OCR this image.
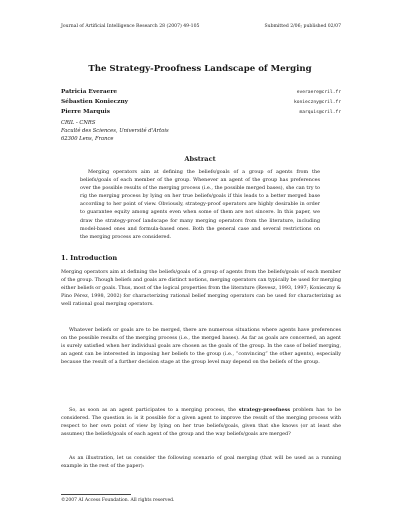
Journal of Artificial Intelligence Research 28 (2007) 49-105	Submitted 2/06; published 02/07
The Strategy-Proofness Landscape of Merging
Patricia Everaere	everaere@cril.fr
Sébastien Konieczny	konieczny@cril.fr
Pierre Marquis	marquis@cril.fr
CRIL - CNRS
Faculté des Sciences, Université d'Artois
62300 Lens, France
Abstract
Merging operators aim at defining the beliefs/goals of a group of agents from the beliefs/goals of each member of the group. Whenever an agent of the group has preferences over the possible results of the merging process (i.e., the possible merged bases), she can try to rig the merging process by lying on her true beliefs/goals if this leads to a better merged base according to her point of view. Obviously, strategy-proof operators are highly desirable in order to guarantee equity among agents even when some of them are not sincere. In this paper, we draw the strategy-proof landscape for many merging operators from the literature, including model-based ones and formula-based ones. Both the general case and several restrictions on the merging process are considered.
1. Introduction
Merging operators aim at defining the beliefs/goals of a group of agents from the beliefs/goals of each member of the group. Though beliefs and goals are distinct notions, merging operators can typically be used for merging either beliefs or goals. Thus, most of the logical properties from the literature (Revesz, 1993, 1997; Konieczny & Pino Pérez, 1998, 2002) for characterizing rational belief merging operators can be used for characterizing as well rational goal merging operators.
Whatever beliefs or goals are to be merged, there are numerous situations where agents have preferences on the possible results of the merging process (i.e., the merged bases). As far as goals are concerned, an agent is surely satisfied when her individual goals are chosen as the goals of the group. In the case of belief merging, an agent can be interested in imposing her beliefs to the group (i.e., “convincing” the other agents), especially because the result of a further decision stage at the group level may depend on the beliefs of the group.
So, as soon as an agent participates to a merging process, the strategy-proofness problem has to be considered. The question is: is it possible for a given agent to improve the result of the merging process with respect to her own point of view by lying on her true beliefs/goals, given that she knows (or at least she assumes) the beliefs/goals of each agent of the group and the way beliefs/goals are merged?
As an illustration, let us consider the following scenario of goal merging (that will be used as a running example in the rest of the paper):
©2007 AI Access Foundation. All rights reserved.
